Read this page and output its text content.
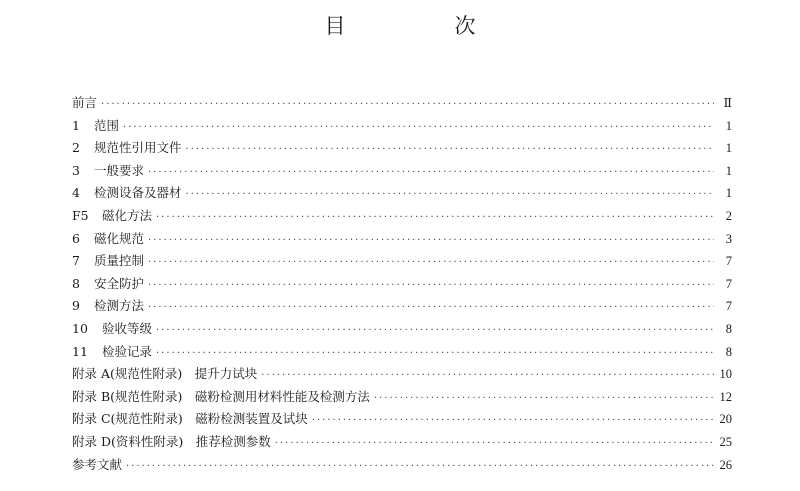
目　次
前言 ·····	Ⅱ
1 范围 ·····	1
2 规范性引用文件 ·····	1
3 一般要求 ·····	1
4 检测设备及器材 ·····	1
F5 磁化方法 ·····	2
6 磁化规范 ·····	3
7 质量控制 ·····	7
8 安全防护 ·····	7
9 检测方法 ·····	7
10 验收等级 ·····	8
11 检验记录 ·····	8
附录 A(规范性附录)　提升力试块 ·····	10
附录 B(规范性附录)　磁粉检测用材料性能及检测方法 ·····	12
附录 C(规范性附录)　磁粉检测装置及试块 ·····	20
附录 D(资料性附录)　推荐检测参数 ·····	25
参考文献 ·····	26
